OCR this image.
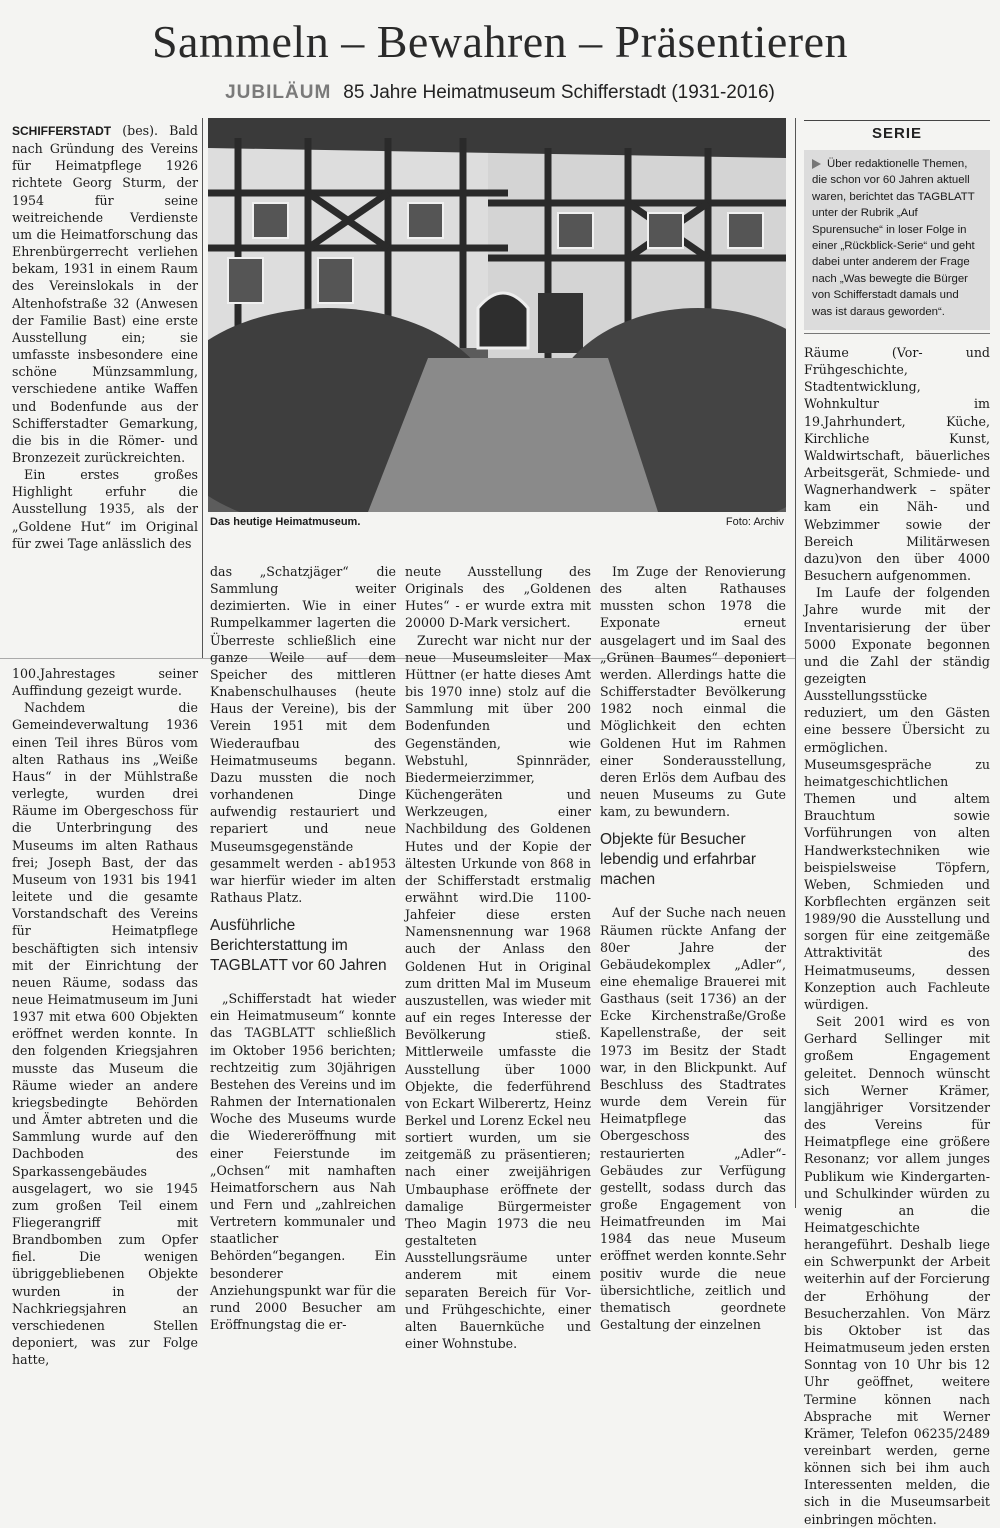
Sammeln – Bewahren – Präsentieren
JUBILÄUM 85 Jahre Heimatmuseum Schifferstadt (1931-2016)

SCHIFFERSTADT (bes). Bald nach Gründung des Vereins für Heimatpflege 1926 richtete Georg Sturm, der 1954 für seine weitreichende Verdienste um die Heimatforschung das Ehrenbürgerrecht verliehen bekam, 1931 in einem Raum des Vereinslokals in der Altenhofstraße 32 (Anwesen der Familie Bast) eine erste Ausstellung ein; sie umfasste insbesondere eine schöne Münzsammlung, verschiedene antike Waffen und Bodenfunde aus der Schifferstadter Gemarkung, die bis in die Römer- und Bronzezeit zurückreichten.

Ein erstes großes Highlight erfuhr die Ausstellung 1935, als der „Goldene Hut“ im Original für zwei Tage anlässlich des

Das heutige Heimatmuseum.	Foto: Archiv
SERIE
Über redaktionelle Themen, die schon vor 60 Jahren aktuell waren, berichtet das TAGBLATT unter der Rubrik „Auf Spurensuche“ in loser Folge in einer „Rückblick-Serie“ und geht dabei unter anderem der Frage nach „Was bewegte die Bürger von Schifferstadt damals und was ist daraus geworden“.

100.Jahrestages seiner Auffindung gezeigt wurde.

Nachdem die Gemeindeverwaltung 1936 einen Teil ihres Büros vom alten Rathaus ins „Weiße Haus“ in der Mühlstraße verlegte, wurden drei Räume im Obergeschoss für die Unterbringung des Museums im alten Rathaus frei; Joseph Bast, der das Museum von 1931 bis 1941 leitete und die gesamte Vorstandschaft des Vereins für Heimatpflege beschäftigten sich intensiv mit der Einrichtung der neuen Räume, sodass das neue Heimatmuseum im Juni 1937 mit etwa 600 Objekten eröffnet werden konnte. In den folgenden Kriegsjahren musste das Museum die Räume wieder an andere kriegsbedingte Behörden und Ämter abtreten und die Sammlung wurde auf den Dachboden des Sparkassengebäudes ausgelagert, wo sie 1945 zum großen Teil einem Fliegerangriff mit Brandbomben zum Opfer fiel. Die wenigen übriggebliebenen Objekte wurden in der Nachkriegsjahren an verschiedenen Stellen deponiert, was zur Folge hatte,

das „Schatzjäger“ die Sammlung weiter dezimierten. Wie in einer Rumpelkammer lagerten die Überreste schließlich eine ganze Weile auf dem Speicher des mittleren Knabenschulhauses (heute Haus der Vereine), bis der Verein 1951 mit dem Wiederaufbau des Heimatmuseums begann. Dazu mussten die noch vorhandenen Dinge aufwendig restauriert und repariert und neue Museumsgegenstände gesammelt werden - ab1953 war hierfür wieder im alten Rathaus Platz.

Ausführliche Berichterstattung im TAGBLATT vor 60 Jahren

„Schifferstadt hat wieder ein Heimatmuseum“ konnte das TAGBLATT schließlich im Oktober 1956 berichten; rechtzeitig zum 30jährigen Bestehen des Vereins und im Rahmen der Internationalen Woche des Museums wurde die Wiedereröffnung mit einer Feierstunde im „Ochsen“ mit namhaften Heimatforschern aus Nah und Fern und „zahlreichen Vertretern kommunaler und staatlicher Behörden“begangen. Ein besonderer Anziehungspunkt war für die rund 2000 Besucher am Eröffnungstag die er-

neute Ausstellung des Originals des „Goldenen Hutes“ - er wurde extra mit 20000 D-Mark versichert.

Zurecht war nicht nur der neue Museumsleiter Max Hüttner (er hatte dieses Amt bis 1970 inne) stolz auf die Sammlung mit über 200 Bodenfunden und Gegenständen, wie Webstuhl, Spinnräder, Biedermeierzimmer, Küchengeräten und Werkzeugen, einer Nachbildung des Goldenen Hutes und der Kopie der ältesten Urkunde von 868 in der Schifferstadt erstmalig erwähnt wird.Die 1100-Jahfeier diese ersten Namensnennung war 1968 auch der Anlass den Goldenen Hut in Original zum dritten Mal im Museum auszustellen, was wieder mit auf ein reges Interesse der Bevölkerung stieß. Mittlerweile umfasste die Ausstellung über 1000 Objekte, die federführend von Eckart Wilberertz, Heinz Berkel und Lorenz Eckel neu sortiert wurden, um sie zeitgemäß zu präsentieren; nach einer zweijährigen Umbauphase eröffnete der damalige Bürgermeister Theo Magin 1973 die neu gestalteten Ausstellungsräume unter anderem mit einem separaten Bereich für Vor- und Frühgeschichte, einer alten Bauernküche und einer Wohnstube.

Im Zuge der Renovierung des alten Rathauses mussten schon 1978 die Exponate erneut ausgelagert und im Saal des „Grünen Baumes“ deponiert werden. Allerdings hatte die Schifferstadter Bevölkerung 1982 noch einmal die Möglichkeit den echten Goldenen Hut im Rahmen einer Sonderausstellung, deren Erlös dem Aufbau des neuen Museums zu Gute kam, zu bewundern.

Objekte für Besucher lebendig und erfahrbar machen

Auf der Suche nach neuen Räumen rückte Anfang der 80er Jahre der Gebäudekomplex „Adler“, eine ehemalige Brauerei mit Gasthaus (seit 1736) an der Ecke Kirchenstraße/Große Kapellenstraße, der seit 1973 im Besitz der Stadt war, in den Blickpunkt. Auf Beschluss des Stadtrates wurde dem Verein für Heimatpflege das Obergeschoss des restaurierten „Adler“-Gebäudes zur Verfügung gestellt, sodass durch das große Engagement von Heimatfreunden im Mai 1984 das neue Museum eröffnet werden konnte.Sehr positiv wurde die neue übersichtliche, zeitlich und thematisch geordnete Gestaltung der einzelnen

Räume (Vor- und Frühgeschichte, Stadtentwicklung, Wohnkultur im 19.Jahrhundert, Küche, Kirchliche Kunst, Waldwirtschaft, bäuerliches Arbeitsgerät, Schmiede- und Wagnerhandwerk – später kam ein Näh- und Webzimmer sowie der Bereich Militärwesen dazu)von den über 4000 Besuchern aufgenommen.

Im Laufe der folgenden Jahre wurde mit der Inventarisierung der über 5000 Exponate begonnen und die Zahl der ständig gezeigten Ausstellungsstücke reduziert, um den Gästen eine bessere Übersicht zu ermöglichen. Museumsgespräche zu heimatgeschichtlichen Themen und altem Brauchtum sowie Vorführungen von alten Handwerkstechniken wie beispielsweise Töpfern, Weben, Schmieden und Korbflechten ergänzen seit 1989/90 die Ausstellung und sorgen für eine zeitgemäße Attraktivität des Heimatmuseums, dessen Konzeption auch Fachleute würdigen.

Seit 2001 wird es von Gerhard Sellinger mit großem Engagement geleitet. Dennoch wünscht sich Werner Krämer, langjähriger Vorsitzender des Vereins für Heimatpflege eine größere Resonanz; vor allem junges Publikum wie Kindergarten- und Schulkinder würden zu wenig an die Heimatgeschichte herangeführt. Deshalb liege ein Schwerpunkt der Arbeit weiterhin auf der Forcierung der Erhöhung der Besucherzahlen. Von März bis Oktober ist das Heimatmuseum jeden ersten Sonntag von 10 Uhr bis 12 Uhr geöffnet, weitere Termine können nach Absprache mit Werner Krämer, Telefon 06235/2489 vereinbart werden, gerne können sich bei ihm auch Interessenten melden, die sich in die Museumsarbeit einbringen möchten.
